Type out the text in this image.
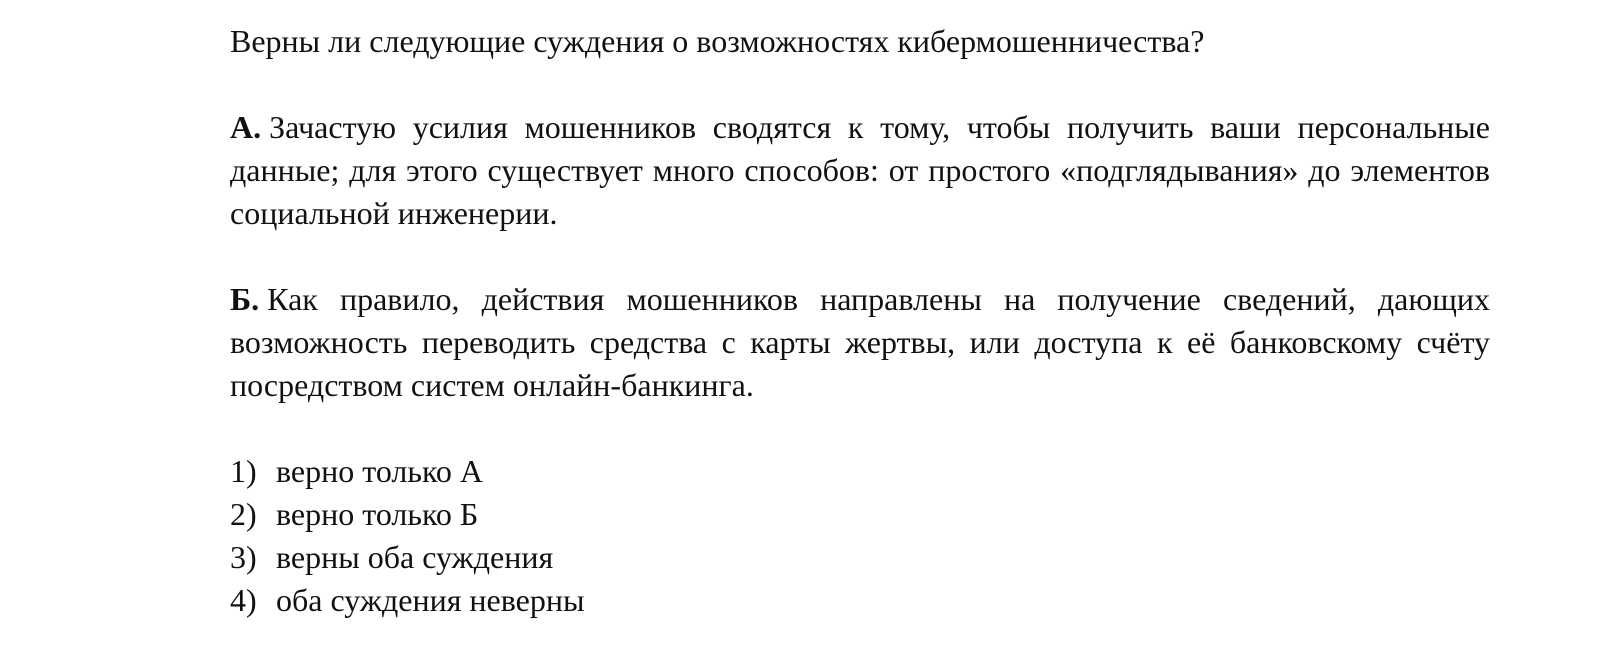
Верны ли следующие суждения о возможностях кибермошенничества?

А. Зачастую усилия мошенников сводятся к тому, чтобы получить ваши персональные данные; для этого существует много способов: от простого «подглядывания» до элементов социальной инженерии.

Б. Как правило, действия мошенников направлены на получение сведений, дающих возможность переводить средства с карты жертвы, или доступа к её банковскому счёту посредством систем онлайн-банкинга.

1) верно только А
2) верно только Б
3) верны оба суждения
4) оба суждения неверны
